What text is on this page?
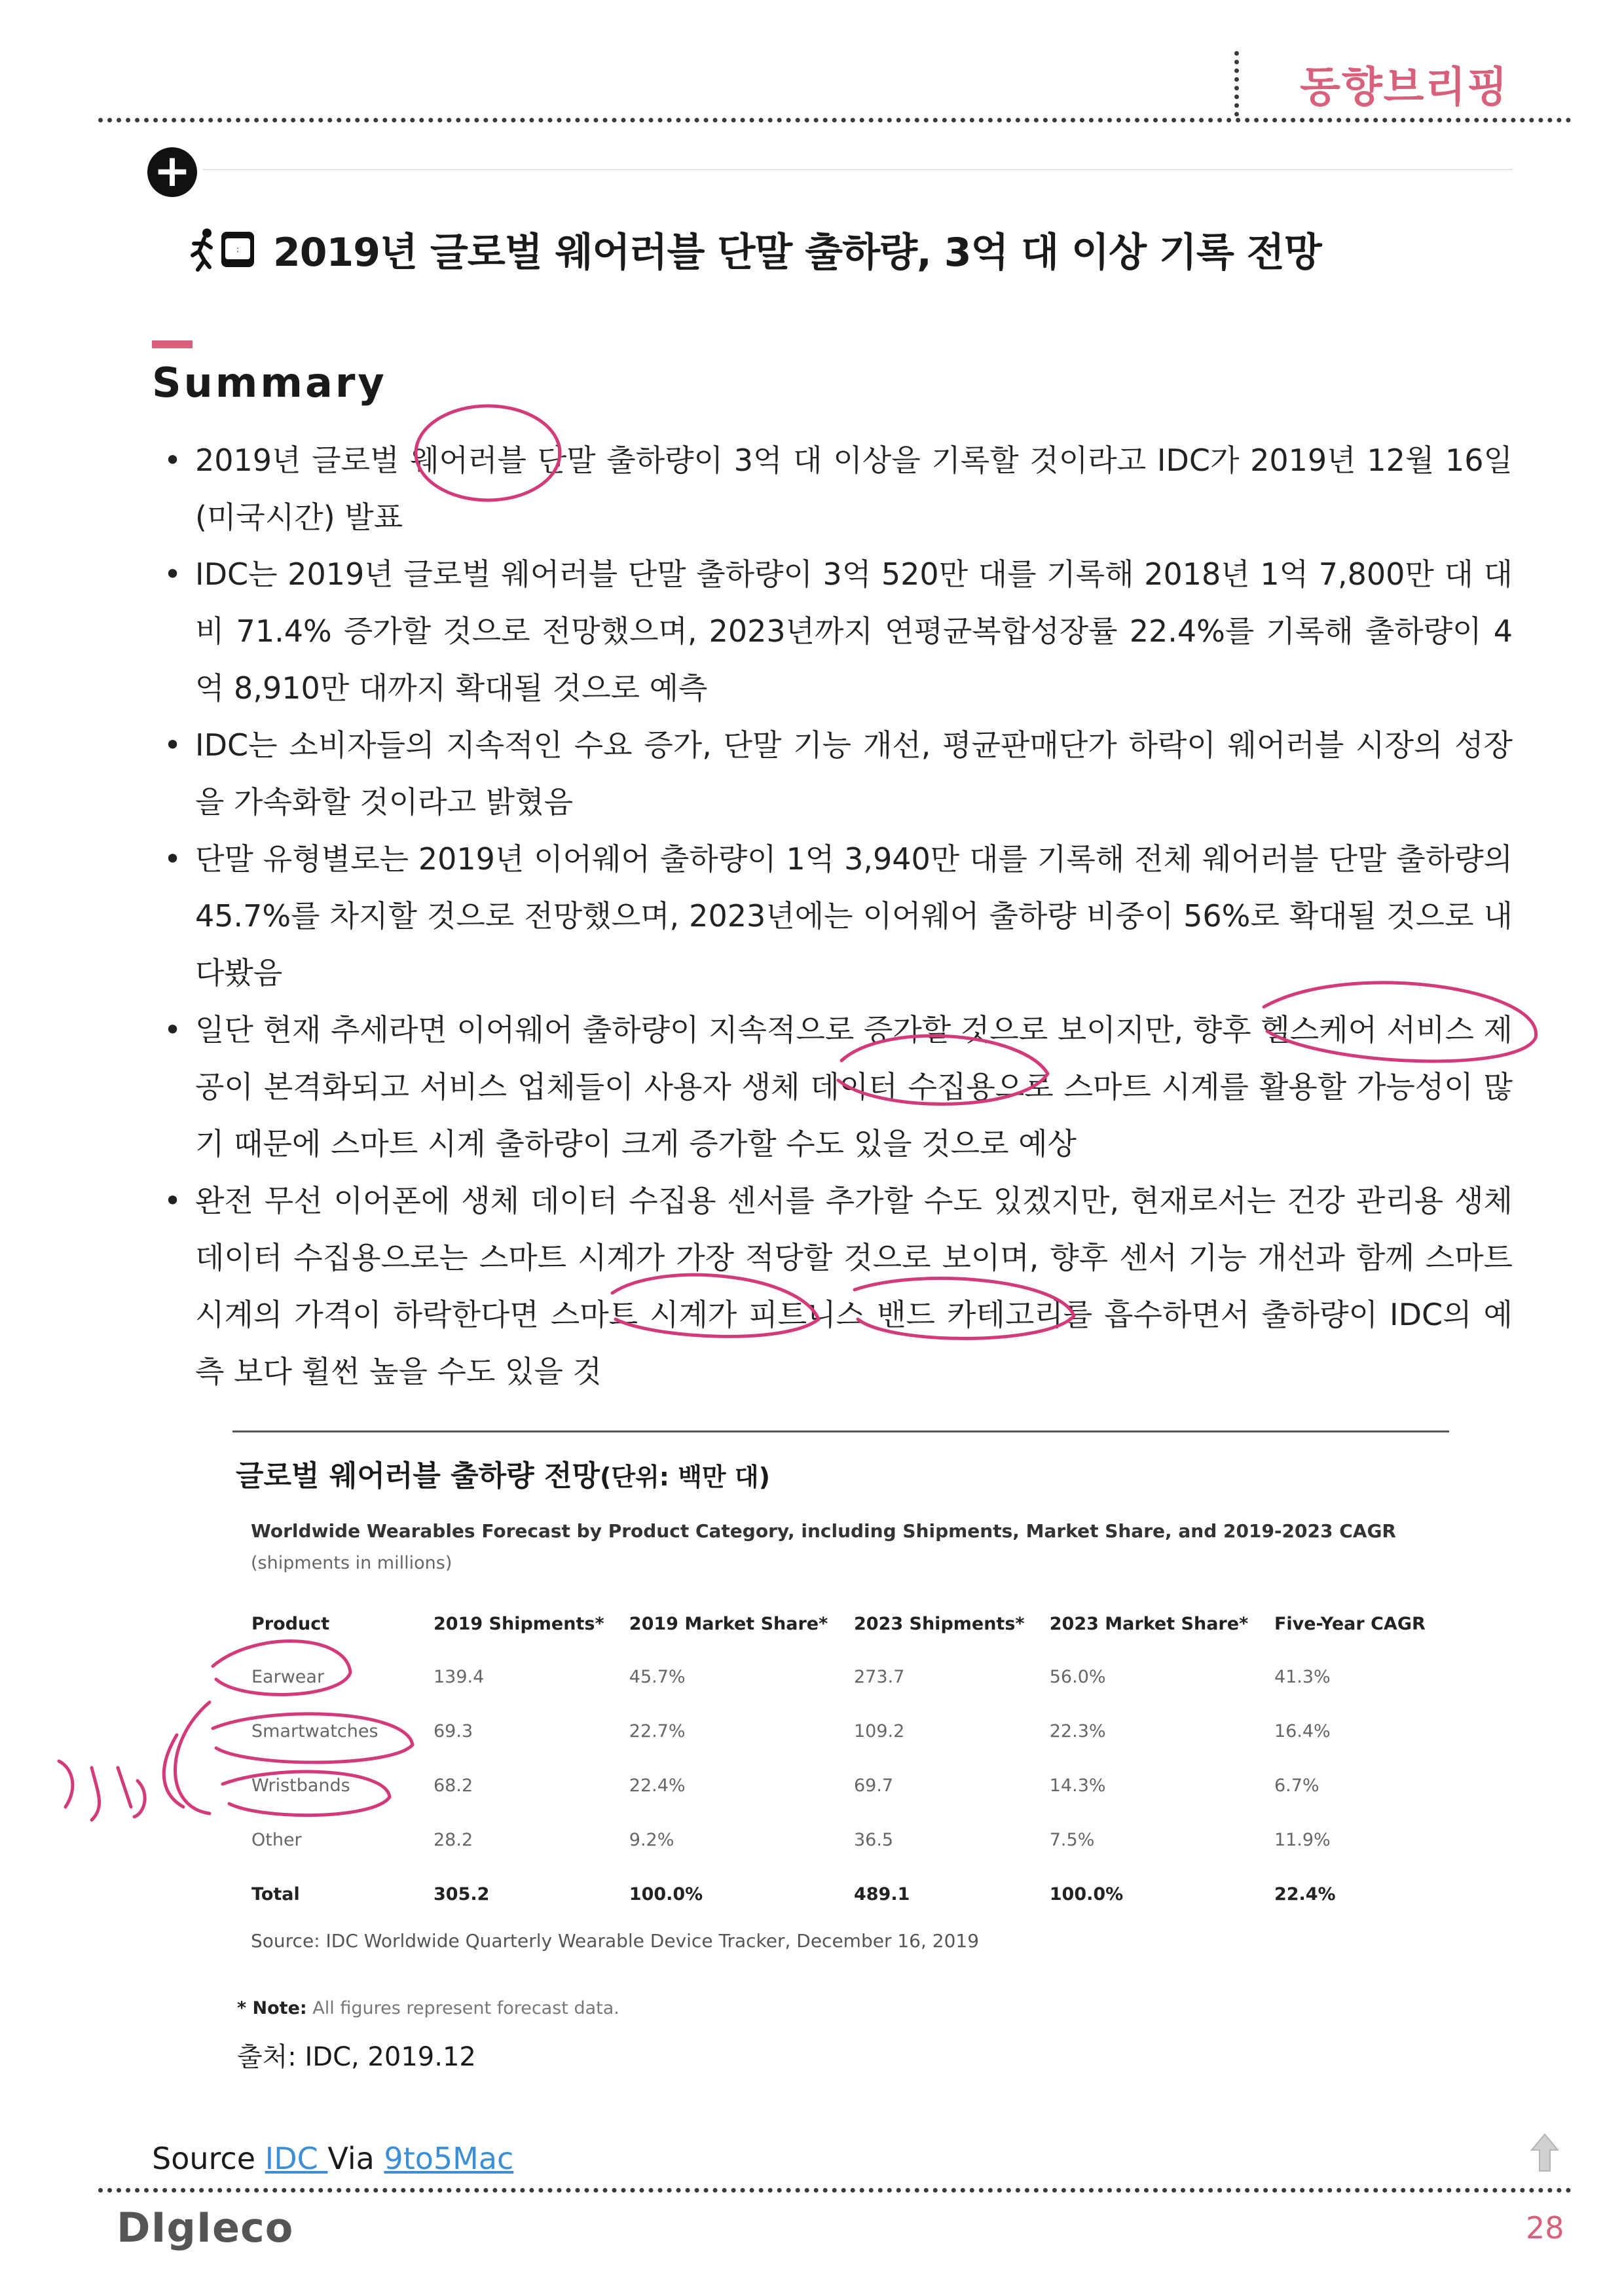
동향브리핑
+
: 2019년 글로벌 웨어러블 단말 출하량, 3억 대 이상 기록 전망
Summary
• 2019년 글로벌 웨어러블 단말 출하량이 3억 대 이상을 기록할 것이라고 IDC가 2019년 12월 16일(미국시간) 발표
• IDC는 2019년 글로벌 웨어러블 단말 출하량이 3억 520만 대를 기록해 2018년 1억 7,800만 대 대비 71.4% 증가할 것으로 전망했으며, 2023년까지 연평균복합성장률 22.4%를 기록해 출하량이 4억 8,910만 대까지 확대될 것으로 예측
• IDC는 소비자들의 지속적인 수요 증가, 단말 기능 개선, 평균판매단가 하락이 웨어러블 시장의 성장을 가속화할 것이라고 밝혔음
• 단말 유형별로는 2019년 이어웨어 출하량이 1억 3,940만 대를 기록해 전체 웨어러블 단말 출하량의 45.7%를 차지할 것으로 전망했으며, 2023년에는 이어웨어 출하량 비중이 56%로 확대될 것으로 내다봤음
• 일단 현재 추세라면 이어웨어 출하량이 지속적으로 증가할 것으로 보이지만, 향후 헬스케어 서비스 제공이 본격화되고 서비스 업체들이 사용자 생체 데이터 수집용으로 스마트 시계를 활용할 가능성이 많기 때문에 스마트 시계 출하량이 크게 증가할 수도 있을 것으로 예상
• 완전 무선 이어폰에 생체 데이터 수집용 센서를 추가할 수도 있겠지만, 현재로서는 건강 관리용 생체 데이터 수집용으로는 스마트 시계가 가장 적당할 것으로 보이며, 향후 센서 기능 개선과 함께 스마트 시계의 가격이 하락한다면 스마트 시계가 피트니스 밴드 카테고리를 흡수하면서 출하량이 IDC의 예측 보다 휠썬 높을 수도 있을 것
글로벌 웨어러블 출하량 전망(단위: 백만 대)
Worldwide Wearables Forecast by Product Category, including Shipments, Market Share, and 2019-2023 CAGR
(shipments in millions)
Product	2019 Shipments*	2019 Market Share*	2023 Shipments*	2023 Market Share*	Five-Year CAGR
Earwear	139.4	45.7%	273.7	56.0%	41.3%
Smartwatches	69.3	22.7%	109.2	22.3%	16.4%
Wristbands	68.2	22.4%	69.7	14.3%	6.7%
Other	28.2	9.2%	36.5	7.5%	11.9%
Total	305.2	100.0%	489.1	100.0%	22.4%
Source: IDC Worldwide Quarterly Wearable Device Tracker, December 16, 2019
* Note: All figures represent forecast data.
출처: IDC, 2019.12
Source IDC Via 9to5Mac
DIgIeco	28
